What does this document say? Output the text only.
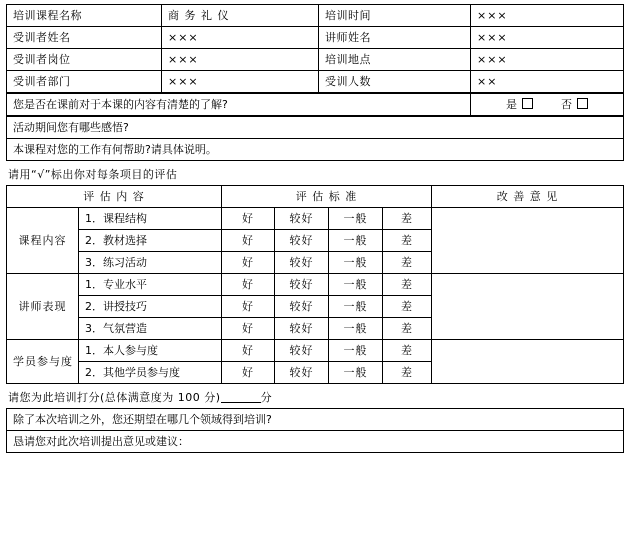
培训课程名称	商 务 礼 仪	培训时间	×××
受训者姓名	×××	讲师姓名	×××
受训者岗位	×××	培训地点	×××
受训者部门	×××	受训人数	××
您是否在课前对于本课的内容有清楚的了解?	是	否
活动期间您有哪些感悟?
本课程对您的工作有何帮助?请具体说明。
请用“√”标出你对每条项目的评估
评 估 内 容		评 估 标 准				改 善 意 见
课程内容	1．课程结构	好	较好	一般	差	
	2．教材选择	好	较好	一般	差	
	3．练习活动	好	较好	一般	差	
讲师表现	1．专业水平	好	较好	一般	差	
	2．讲授技巧	好	较好	一般	差	
	3．气氛营造	好	较好	一般	差	
学员参与度	1．本人参与度	好	较好	一般	差	
	2．其他学员参与度	好	较好	一般	差	
请您为此培训打分(总体满意度为 100 分)	分
除了本次培训之外，您还期望在哪几个领域得到培训?
恳请您对此次培训提出意见或建议：
